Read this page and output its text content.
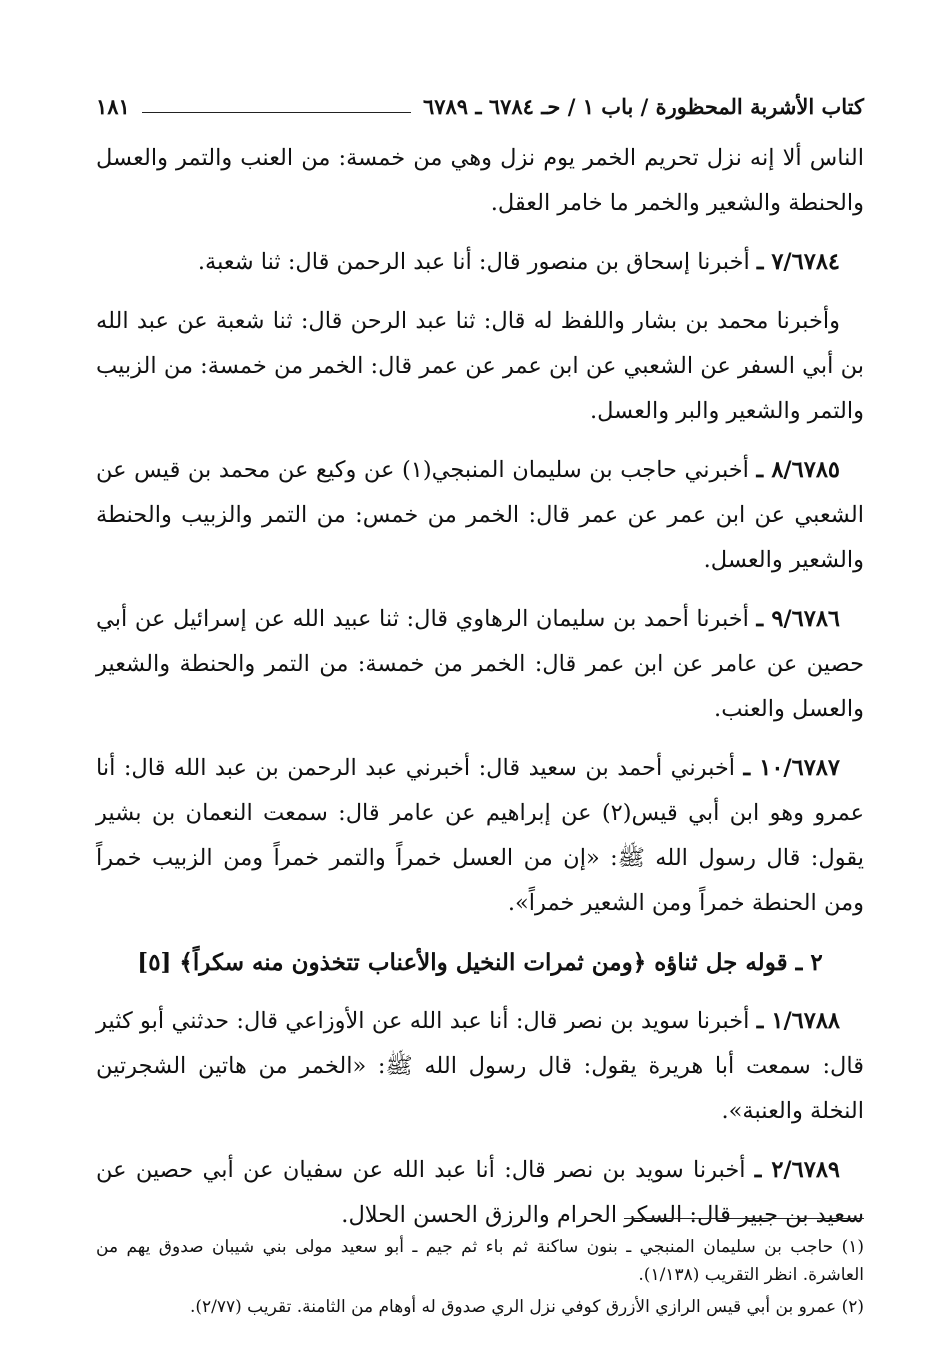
كتاب الأشربة المحظورة / باب ١ / حـ ٦٧٨٤ ـ ٦٧٨٩
١٨١

الناس ألا إنه نزل تحريم الخمر يوم نزل وهي من خمسة: من العنب والتمر والعسل والحنطة والشعير والخمر ما خامر العقل.

٧/٦٧٨٤ ـ أخبرنا إسحاق بن منصور قال: أنا عبد الرحمن قال: ثنا شعبة.

وأخبرنا محمد بن بشار واللفظ له قال: ثنا عبد الرحن قال: ثنا شعبة عن عبد الله بن أبي السفر عن الشعبي عن ابن عمر عن عمر قال: الخمر من خمسة: من الزبيب والتمر والشعير والبر والعسل.

٨/٦٧٨٥ ـ أخبرني حاجب بن سليمان المنبجي(١) عن وكيع عن محمد بن قيس عن الشعبي عن ابن عمر عن عمر قال: الخمر من خمس: من التمر والزبيب والحنطة والشعير والعسل.

٩/٦٧٨٦ ـ أخبرنا أحمد بن سليمان الرهاوي قال: ثنا عبيد الله عن إسرائيل عن أبي حصين عن عامر عن ابن عمر قال: الخمر من خمسة: من التمر والحنطة والشعير والعسل والعنب.

١٠/٦٧٨٧ ـ أخبرني أحمد بن سعيد قال: أخبرني عبد الرحمن بن عبد الله قال: أنا عمرو وهو ابن أبي قيس(٢) عن إبراهيم عن عامر قال: سمعت النعمان بن بشير يقول: قال رسول الله ﷺ: «إن من العسل خمراً والتمر خمراً ومن الزبيب خمراً ومن الحنطة خمراً ومن الشعير خمراً».

٢ ـ قوله جل ثناؤه ﴿ومن ثمرات النخيل والأعناب تتخذون منه سكراً﴾ [٥]

١/٦٧٨٨ ـ أخبرنا سويد بن نصر قال: أنا عبد الله عن الأوزاعي قال: حدثني أبو كثير قال: سمعت أبا هريرة يقول: قال رسول الله ﷺ: «الخمر من هاتين الشجرتين النخلة والعنبة».

٢/٦٧٨٩ ـ أخبرنا سويد بن نصر قال: أنا عبد الله عن سفيان عن أبي حصين عن سعيد بن جبير قال: السكر الحرام والرزق الحسن الحلال.

(١) حاجب بن سليمان المنبجي ـ بنون ساكنة ثم باء ثم جيم ـ أبو سعيد مولى بني شيبان صدوق يهم من العاشرة. انظر التقريب (١/١٣٨).

(٢) عمرو بن أبي قيس الرازي الأزرق كوفي نزل الري صدوق له أوهام من الثامنة. تقريب (٢/٧٧).
